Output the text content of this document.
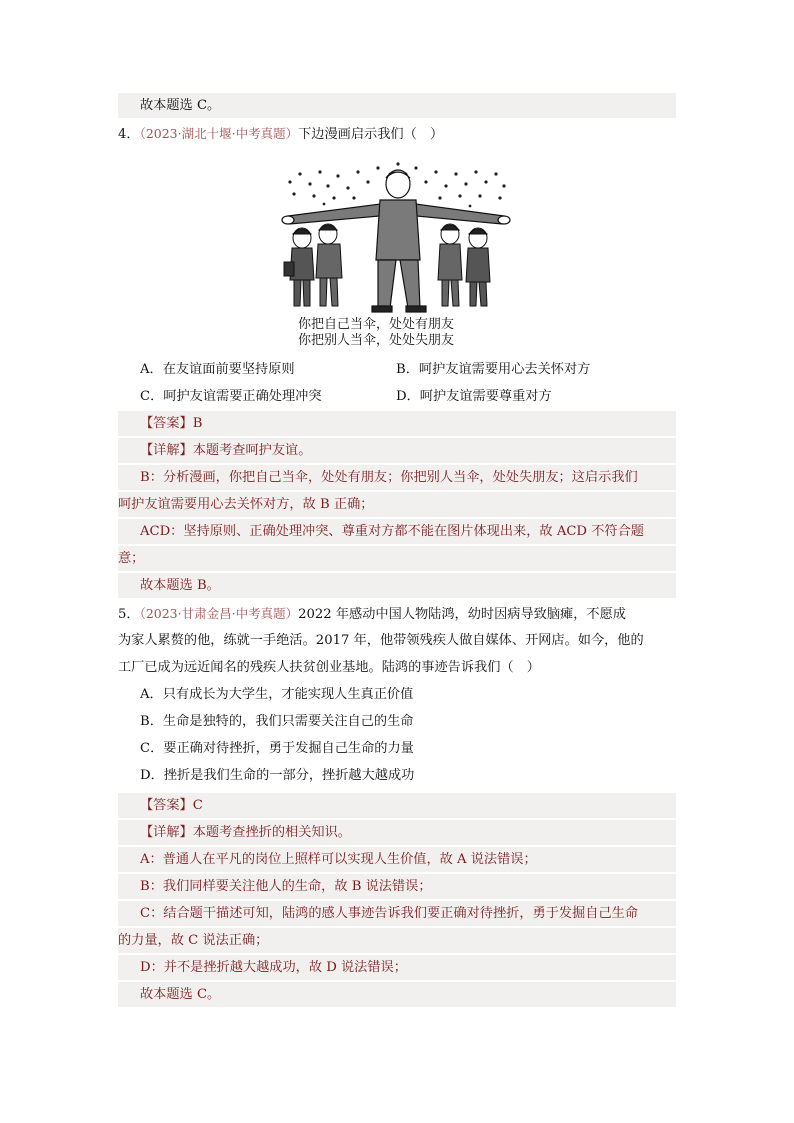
故本题选 C。
4．（2023·湖北十堰·中考真题）下边漫画启示我们（　）
你把自己当伞，处处有朋友
你把别人当伞，处处失朋友
A．在友谊面前要坚持原则	B．呵护友谊需要用心去关怀对方
C．呵护友谊需要正确处理冲突	D．呵护友谊需要尊重对方
【答案】B
【详解】本题考查呵护友谊。
B：分析漫画，你把自己当伞，处处有朋友；你把别人当伞，处处失朋友；这启示我们
呵护友谊需要用心去关怀对方，故 B 正确；
ACD：坚持原则、正确处理冲突、尊重对方都不能在图片体现出来，故 ACD 不符合题
意；
故本题选 B。
5．（2023·甘肃金昌·中考真题）2022 年感动中国人物陆鸿，幼时因病导致脑瘫，不愿成
为家人累赘的他，练就一手绝活。2017 年，他带领残疾人做自媒体、开网店。如今，他的
工厂已成为远近闻名的残疾人扶贫创业基地。陆鸿的事迹告诉我们（　）
A．只有成长为大学生，才能实现人生真正价值
B．生命是独特的，我们只需要关注自己的生命
C．要正确对待挫折，勇于发掘自己生命的力量
D．挫折是我们生命的一部分，挫折越大越成功
【答案】C
【详解】本题考查挫折的相关知识。
A：普通人在平凡的岗位上照样可以实现人生价值，故 A 说法错误；
B：我们同样要关注他人的生命，故 B 说法错误；
C：结合题干描述可知，陆鸿的感人事迹告诉我们要正确对待挫折，勇于发掘自己生命
的力量，故 C 说法正确；
D：并不是挫折越大越成功，故 D 说法错误；
故本题选 C。
